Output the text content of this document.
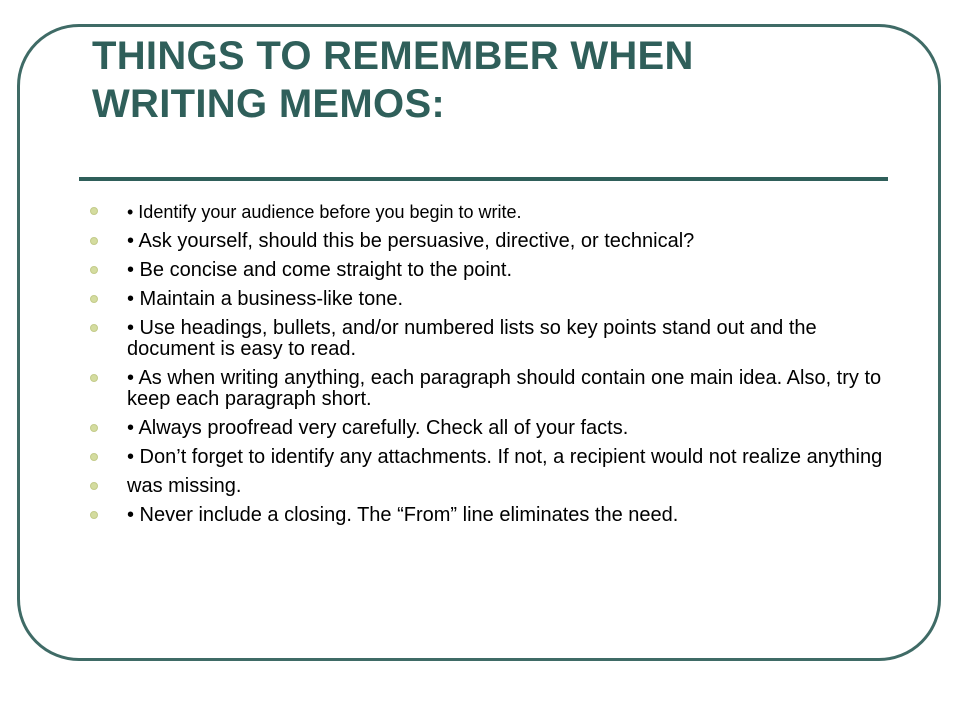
THINGS TO REMEMBER WHEN WRITING MEMOS:
• Identify your audience before you begin to write.
• Ask yourself, should this be persuasive, directive, or technical?
• Be concise and come straight to the point.
• Maintain a business-like tone.
• Use headings, bullets, and/or numbered lists so key points stand out and the document is easy to read.
• As when writing anything, each paragraph should contain one main idea. Also, try to keep each paragraph short.
• Always proofread very carefully. Check all of your facts.
• Don’t forget to identify any attachments. If not, a recipient would not realize anything
was missing.
• Never include a closing. The “From” line eliminates the need.
